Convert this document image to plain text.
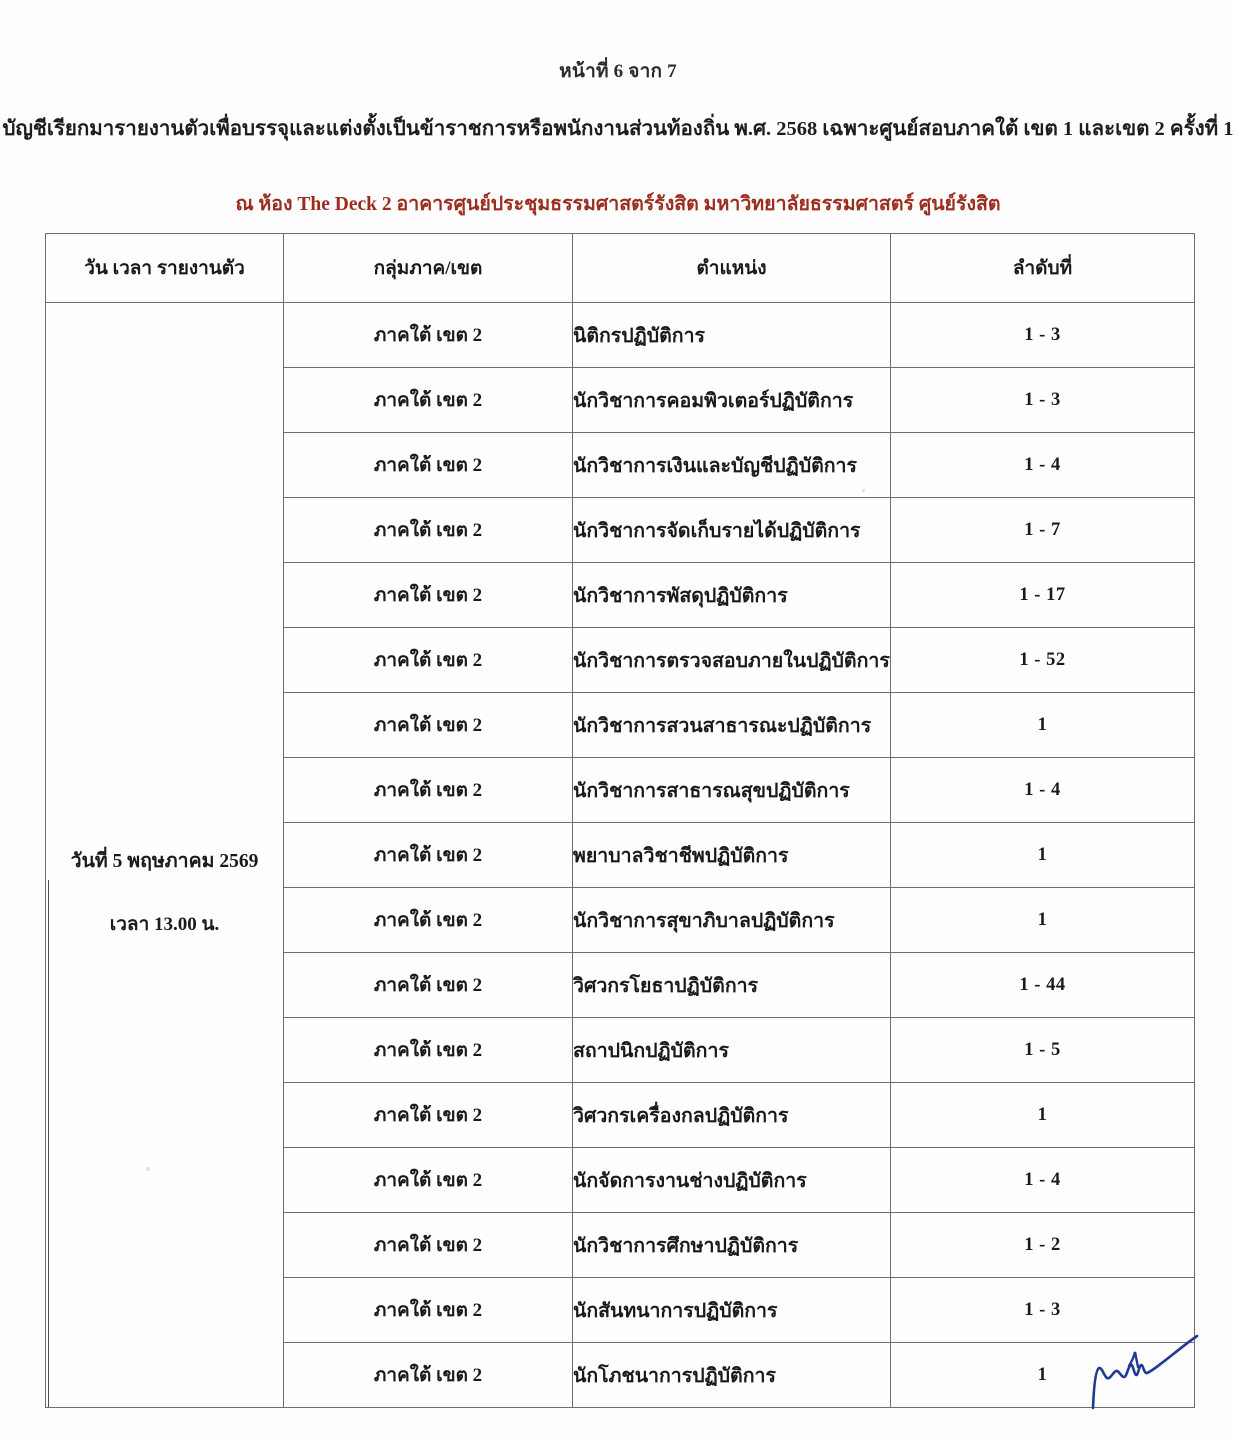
หน้าที่ 6 จาก 7
บัญชีเรียกมารายงานตัวเพื่อบรรจุและแต่งตั้งเป็นข้าราชการหรือพนักงานส่วนท้องถิ่น พ.ศ. 2568 เฉพาะศูนย์สอบภาคใต้ เขต 1 และเขต 2 ครั้งที่ 1
ณ ห้อง The Deck 2 อาคารศูนย์ประชุมธรรมศาสตร์รังสิต มหาวิทยาลัยธรรมศาสตร์ ศูนย์รังสิต
วัน เวลา รายงานตัว	กลุ่มภาค/เขต	ตำแหน่ง	ลำดับที่

วันที่ 5 พฤษภาคม 2569
เวลา 13.00 น.	ภาคใต้ เขต 2	นิติกรปฏิบัติการ	1 - 3
	ภาคใต้ เขต 2	นักวิชาการคอมพิวเตอร์ปฏิบัติการ	1 - 3
	ภาคใต้ เขต 2	นักวิชาการเงินและบัญชีปฏิบัติการ	1 - 4
	ภาคใต้ เขต 2	นักวิชาการจัดเก็บรายได้ปฏิบัติการ	1 - 7
	ภาคใต้ เขต 2	นักวิชาการพัสดุปฏิบัติการ	1 - 17
	ภาคใต้ เขต 2	นักวิชาการตรวจสอบภายในปฏิบัติการ	1 - 52
	ภาคใต้ เขต 2	นักวิชาการสวนสาธารณะปฏิบัติการ	1
	ภาคใต้ เขต 2	นักวิชาการสาธารณสุขปฏิบัติการ	1 - 4
	ภาคใต้ เขต 2	พยาบาลวิชาชีพปฏิบัติการ	1
	ภาคใต้ เขต 2	นักวิชาการสุขาภิบาลปฏิบัติการ	1
	ภาคใต้ เขต 2	วิศวกรโยธาปฏิบัติการ	1 - 44
	ภาคใต้ เขต 2	สถาปนิกปฏิบัติการ	1 - 5
	ภาคใต้ เขต 2	วิศวกรเครื่องกลปฏิบัติการ	1
	ภาคใต้ เขต 2	นักจัดการงานช่างปฏิบัติการ	1 - 4
	ภาคใต้ เขต 2	นักวิชาการศึกษาปฏิบัติการ	1 - 2
	ภาคใต้ เขต 2	นักสันทนาการปฏิบัติการ	1 - 3
	ภาคใต้ เขต 2	นักโภชนาการปฏิบัติการ	1
